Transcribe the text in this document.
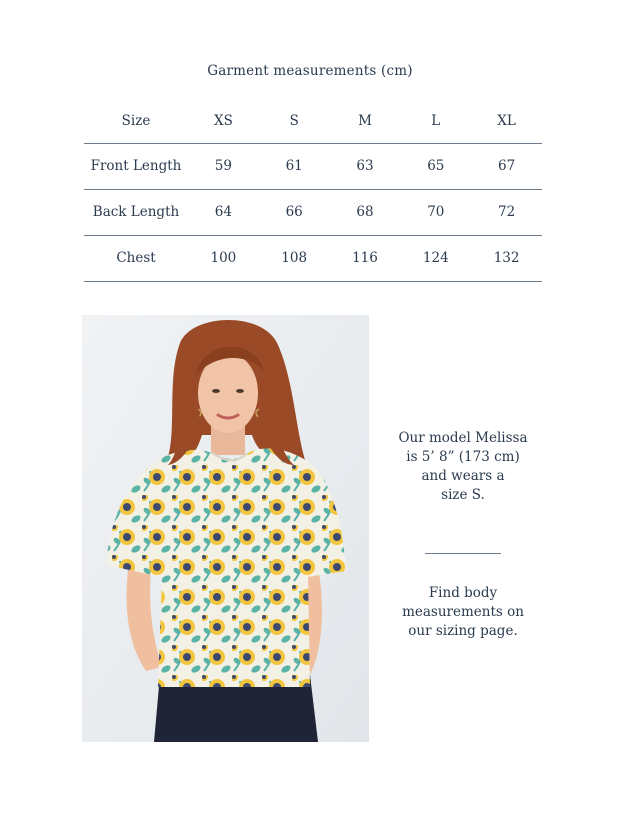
Garment measurements (cm)
Size	XS	S	M	L	XL
Front Length	59	61	63	65	67
Back Length	64	66	68	70	72
Chest	100	108	116	124	132
Our model Melissa
is 5’ 8” (173 cm)
and wears a
size S.
Find body
measurements on
our sizing page.
